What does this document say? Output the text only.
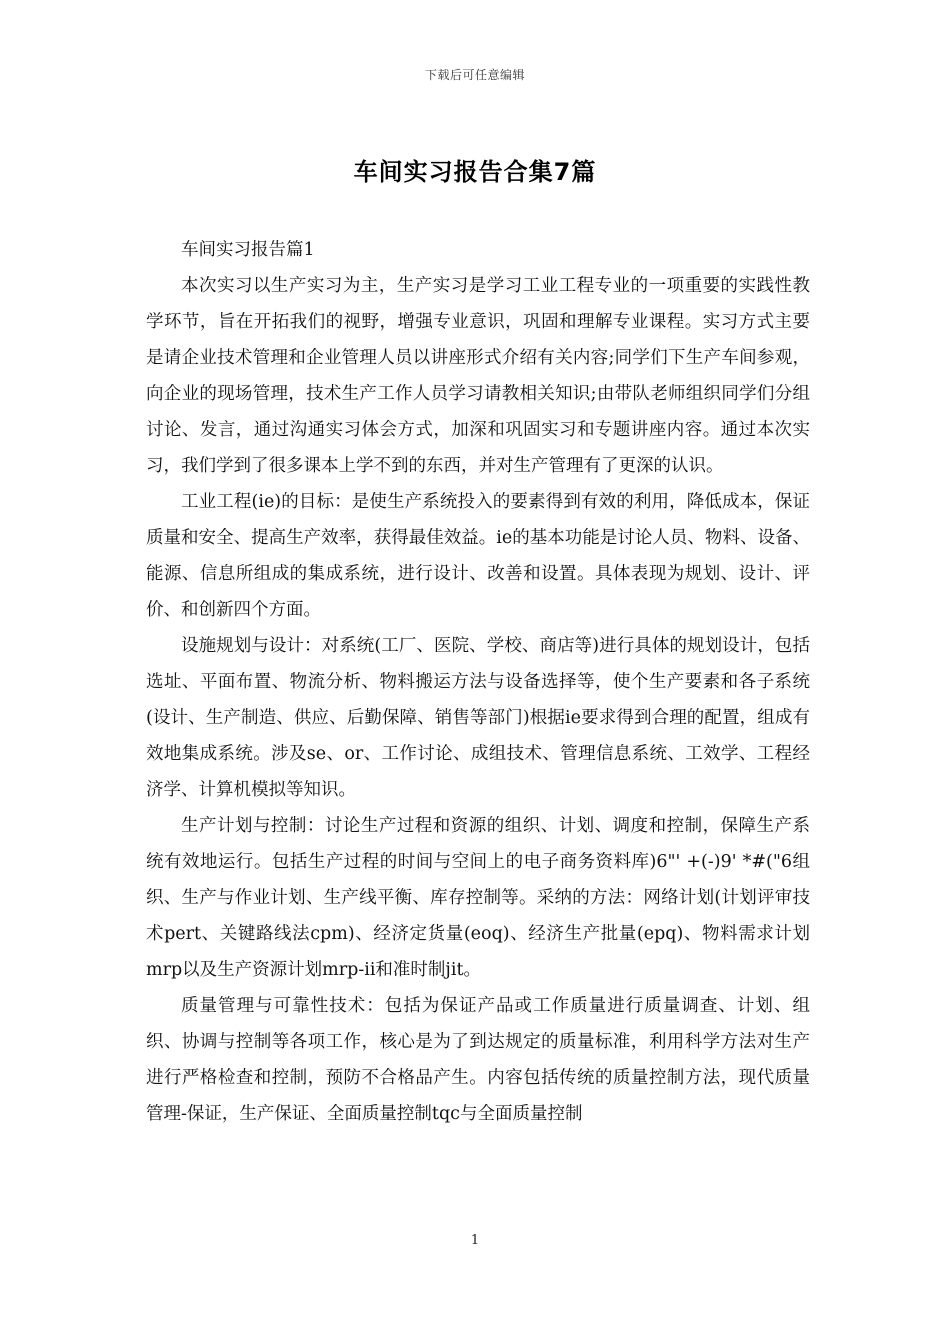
下载后可任意编辑
车间实习报告合集7篇

车间实习报告篇1

本次实习以生产实习为主，生产实习是学习工业工程专业的一项重要的实践性教学环节，旨在开拓我们的视野，增强专业意识，巩固和理解专业课程。实习方式主要是请企业技术管理和企业管理人员以讲座形式介绍有关内容;同学们下生产车间参观，向企业的现场管理，技术生产工作人员学习请教相关知识;由带队老师组织同学们分组讨论、发言，通过沟通实习体会方式，加深和巩固实习和专题讲座内容。通过本次实习，我们学到了很多课本上学不到的东西，并对生产管理有了更深的认识。

工业工程(ie)的目标：是使生产系统投入的要素得到有效的利用，降低成本，保证质量和安全、提高生产效率，获得最佳效益。ie的基本功能是讨论人员、物料、设备、能源、信息所组成的集成系统，进行设计、改善和设置。具体表现为规划、设计、评价、和创新四个方面。

设施规划与设计：对系统(工厂、医院、学校、商店等)进行具体的规划设计，包括选址、平面布置、物流分析、物料搬运方法与设备选择等，使个生产要素和各子系统(设计、生产制造、供应、后勤保障、销售等部门)根据ie要求得到合理的配置，组成有效地集成系统。涉及se、or、工作讨论、成组技术、管理信息系统、工效学、工程经济学、计算机模拟等知识。

生产计划与控制：讨论生产过程和资源的组织、计划、调度和控制，保障生产系统有效地运行。包括生产过程的时间与空间上的电子商务资料库)6"' +(-)9' *#("6组织、生产与作业计划、生产线平衡、库存控制等。采纳的方法：网络计划(计划评审技术pert、关键路线法cpm)、经济定货量(eoq)、经济生产批量(epq)、物料需求计划mrp以及生产资源计划mrp-ii和准时制jit。

质量管理与可靠性技术：包括为保证产品或工作质量进行质量调查、计划、组织、协调与控制等各项工作，核心是为了到达规定的质量标准，利用科学方法对生产进行严格检查和控制，预防不合格品产生。内容包括传统的质量控制方法，现代质量管理-保证，生产保证、全面质量控制tqc与全面质量控制

1
